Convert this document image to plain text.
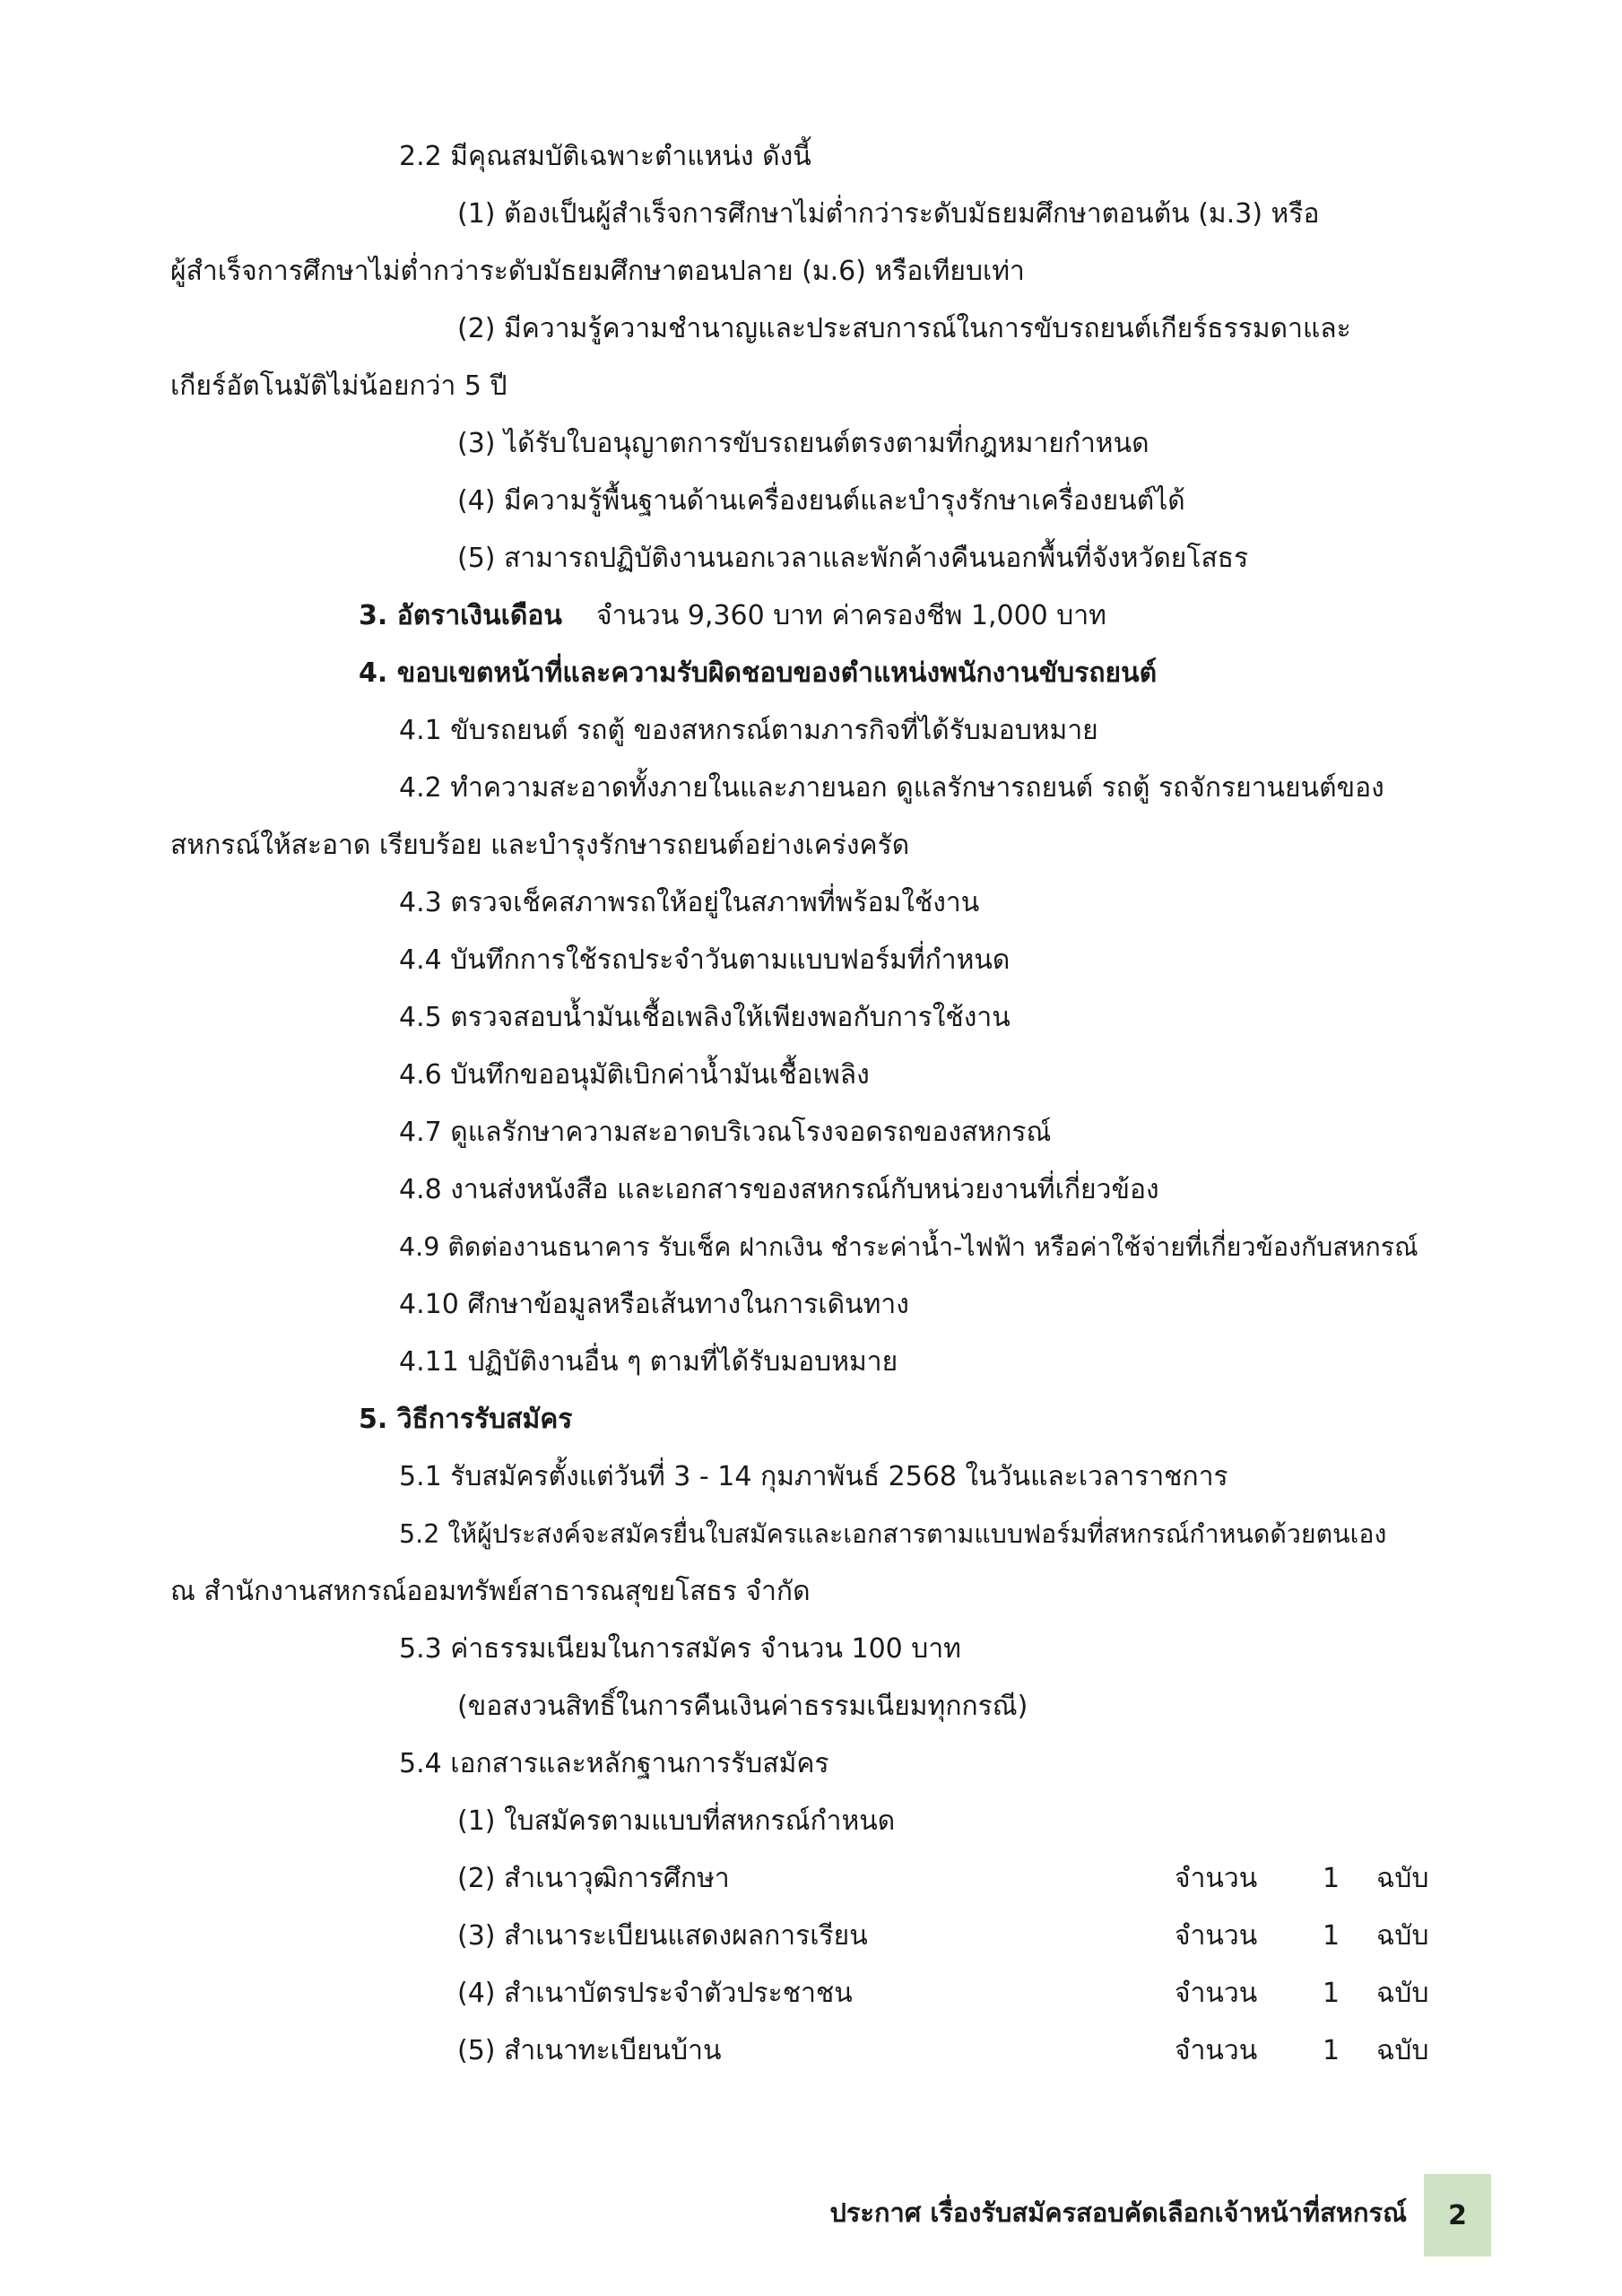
2.2 มีคุณสมบัติเฉพาะตำแหน่ง ดังนี้
(1) ต้องเป็นผู้สำเร็จการศึกษาไม่ต่ำกว่าระดับมัธยมศึกษาตอนต้น (ม.3) หรือ
ผู้สำเร็จการศึกษาไม่ต่ำกว่าระดับมัธยมศึกษาตอนปลาย (ม.6) หรือเทียบเท่า
(2) มีความรู้ความชำนาญและประสบการณ์ในการขับรถยนต์เกียร์ธรรมดาและ
เกียร์อัตโนมัติไม่น้อยกว่า 5 ปี
(3) ได้รับใบอนุญาตการขับรถยนต์ตรงตามที่กฎหมายกำหนด
(4) มีความรู้พื้นฐานด้านเครื่องยนต์และบำรุงรักษาเครื่องยนต์ได้
(5) สามารถปฏิบัติงานนอกเวลาและพักค้างคืนนอกพื้นที่จังหวัดยโสธร
3. อัตราเงินเดือน จำนวน 9,360 บาท ค่าครองชีพ 1,000 บาท
4. ขอบเขตหน้าที่และความรับผิดชอบของตำแหน่งพนักงานขับรถยนต์
4.1 ขับรถยนต์ รถตู้ ของสหกรณ์ตามภารกิจที่ได้รับมอบหมาย
4.2 ทำความสะอาดทั้งภายในและภายนอก ดูแลรักษารถยนต์ รถตู้ รถจักรยานยนต์ของ
สหกรณ์ให้สะอาด เรียบร้อย และบำรุงรักษารถยนต์อย่างเคร่งครัด
4.3 ตรวจเช็คสภาพรถให้อยู่ในสภาพที่พร้อมใช้งาน
4.4 บันทึกการใช้รถประจำวันตามแบบฟอร์มที่กำหนด
4.5 ตรวจสอบน้ำมันเชื้อเพลิงให้เพียงพอกับการใช้งาน
4.6 บันทึกขออนุมัติเบิกค่าน้ำมันเชื้อเพลิง
4.7 ดูแลรักษาความสะอาดบริเวณโรงจอดรถของสหกรณ์
4.8 งานส่งหนังสือ และเอกสารของสหกรณ์กับหน่วยงานที่เกี่ยวข้อง
4.9 ติดต่องานธนาคาร รับเช็ค ฝากเงิน ชำระค่าน้ำ-ไฟฟ้า หรือค่าใช้จ่ายที่เกี่ยวข้องกับสหกรณ์
4.10 ศึกษาข้อมูลหรือเส้นทางในการเดินทาง
4.11 ปฏิบัติงานอื่น ๆ ตามที่ได้รับมอบหมาย
5. วิธีการรับสมัคร
5.1 รับสมัครตั้งแต่วันที่ 3 - 14 กุมภาพันธ์ 2568 ในวันและเวลาราชการ
5.2 ให้ผู้ประสงค์จะสมัครยื่นใบสมัครและเอกสารตามแบบฟอร์มที่สหกรณ์กำหนดด้วยตนเอง
ณ สำนักงานสหกรณ์ออมทรัพย์สาธารณสุขยโสธร จำกัด
5.3 ค่าธรรมเนียมในการสมัคร จำนวน 100 บาท
(ขอสงวนสิทธิ์ในการคืนเงินค่าธรรมเนียมทุกกรณี)
5.4 เอกสารและหลักฐานการรับสมัคร
(1) ใบสมัครตามแบบที่สหกรณ์กำหนด
(2) สำเนาวุฒิการศึกษา	จำนวน 1 ฉบับ
(3) สำเนาระเบียนแสดงผลการเรียน	จำนวน 1 ฉบับ
(4) สำเนาบัตรประจำตัวประชาชน	จำนวน 1 ฉบับ
(5) สำเนาทะเบียนบ้าน	จำนวน 1 ฉบับ
ประกาศ เรื่องรับสมัครสอบคัดเลือกเจ้าหน้าที่สหกรณ์ 2
